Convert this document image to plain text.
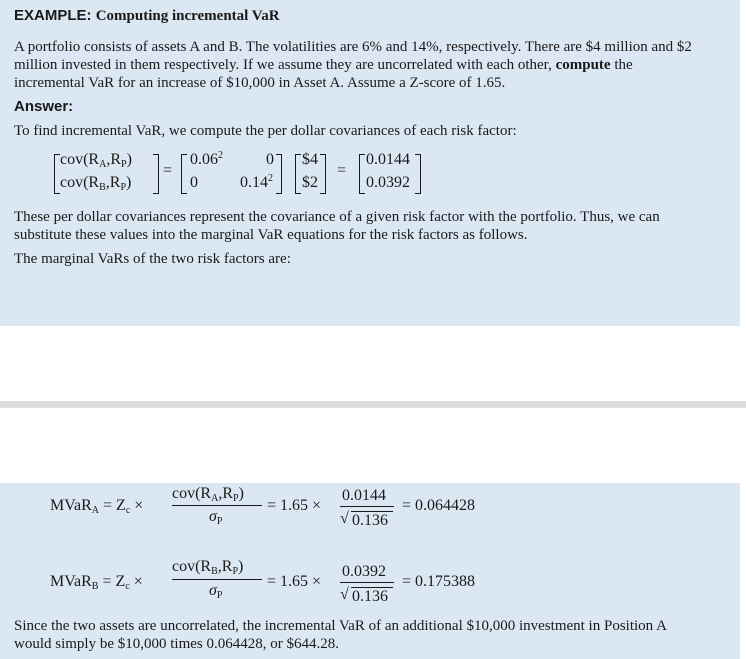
EXAMPLE: Computing incremental VaR
A portfolio consists of assets A and B. The volatilities are 6% and 14%, respectively. There are $4 million and $2
million invested in them respectively. If we assume they are uncorrelated with each other, compute the
incremental VaR for an increase of $10,000 in Asset A. Assume a Z-score of 1.65.
Answer:
To find incremental VaR, we compute the per dollar covariances of each risk factor:
cov(RA,RP)
cov(RB,RP)
=
$0.06^2$	0
0	0.14$^2$
$4
$2
=
0.0144
0.0392
These per dollar covariances represent the covariance of a given risk factor with the portfolio. Thus, we can
substitute these values into the marginal VaR equations for the risk factors as follows.
The marginal VaRs of the two risk factors are:
MVaRA = Zc ×
cov(RA,RP)
σP
= 1.65 ×
0.0144
√ 0.136
= 0.064428
MVaRB = Zc ×
cov(RB,RP)
σP
= 1.65 ×
0.0392
√ 0.136
= 0.175388
Since the two assets are uncorrelated, the incremental VaR of an additional $10,000 investment in Position A
would simply be $10,000 times 0.064428, or $644.28.
